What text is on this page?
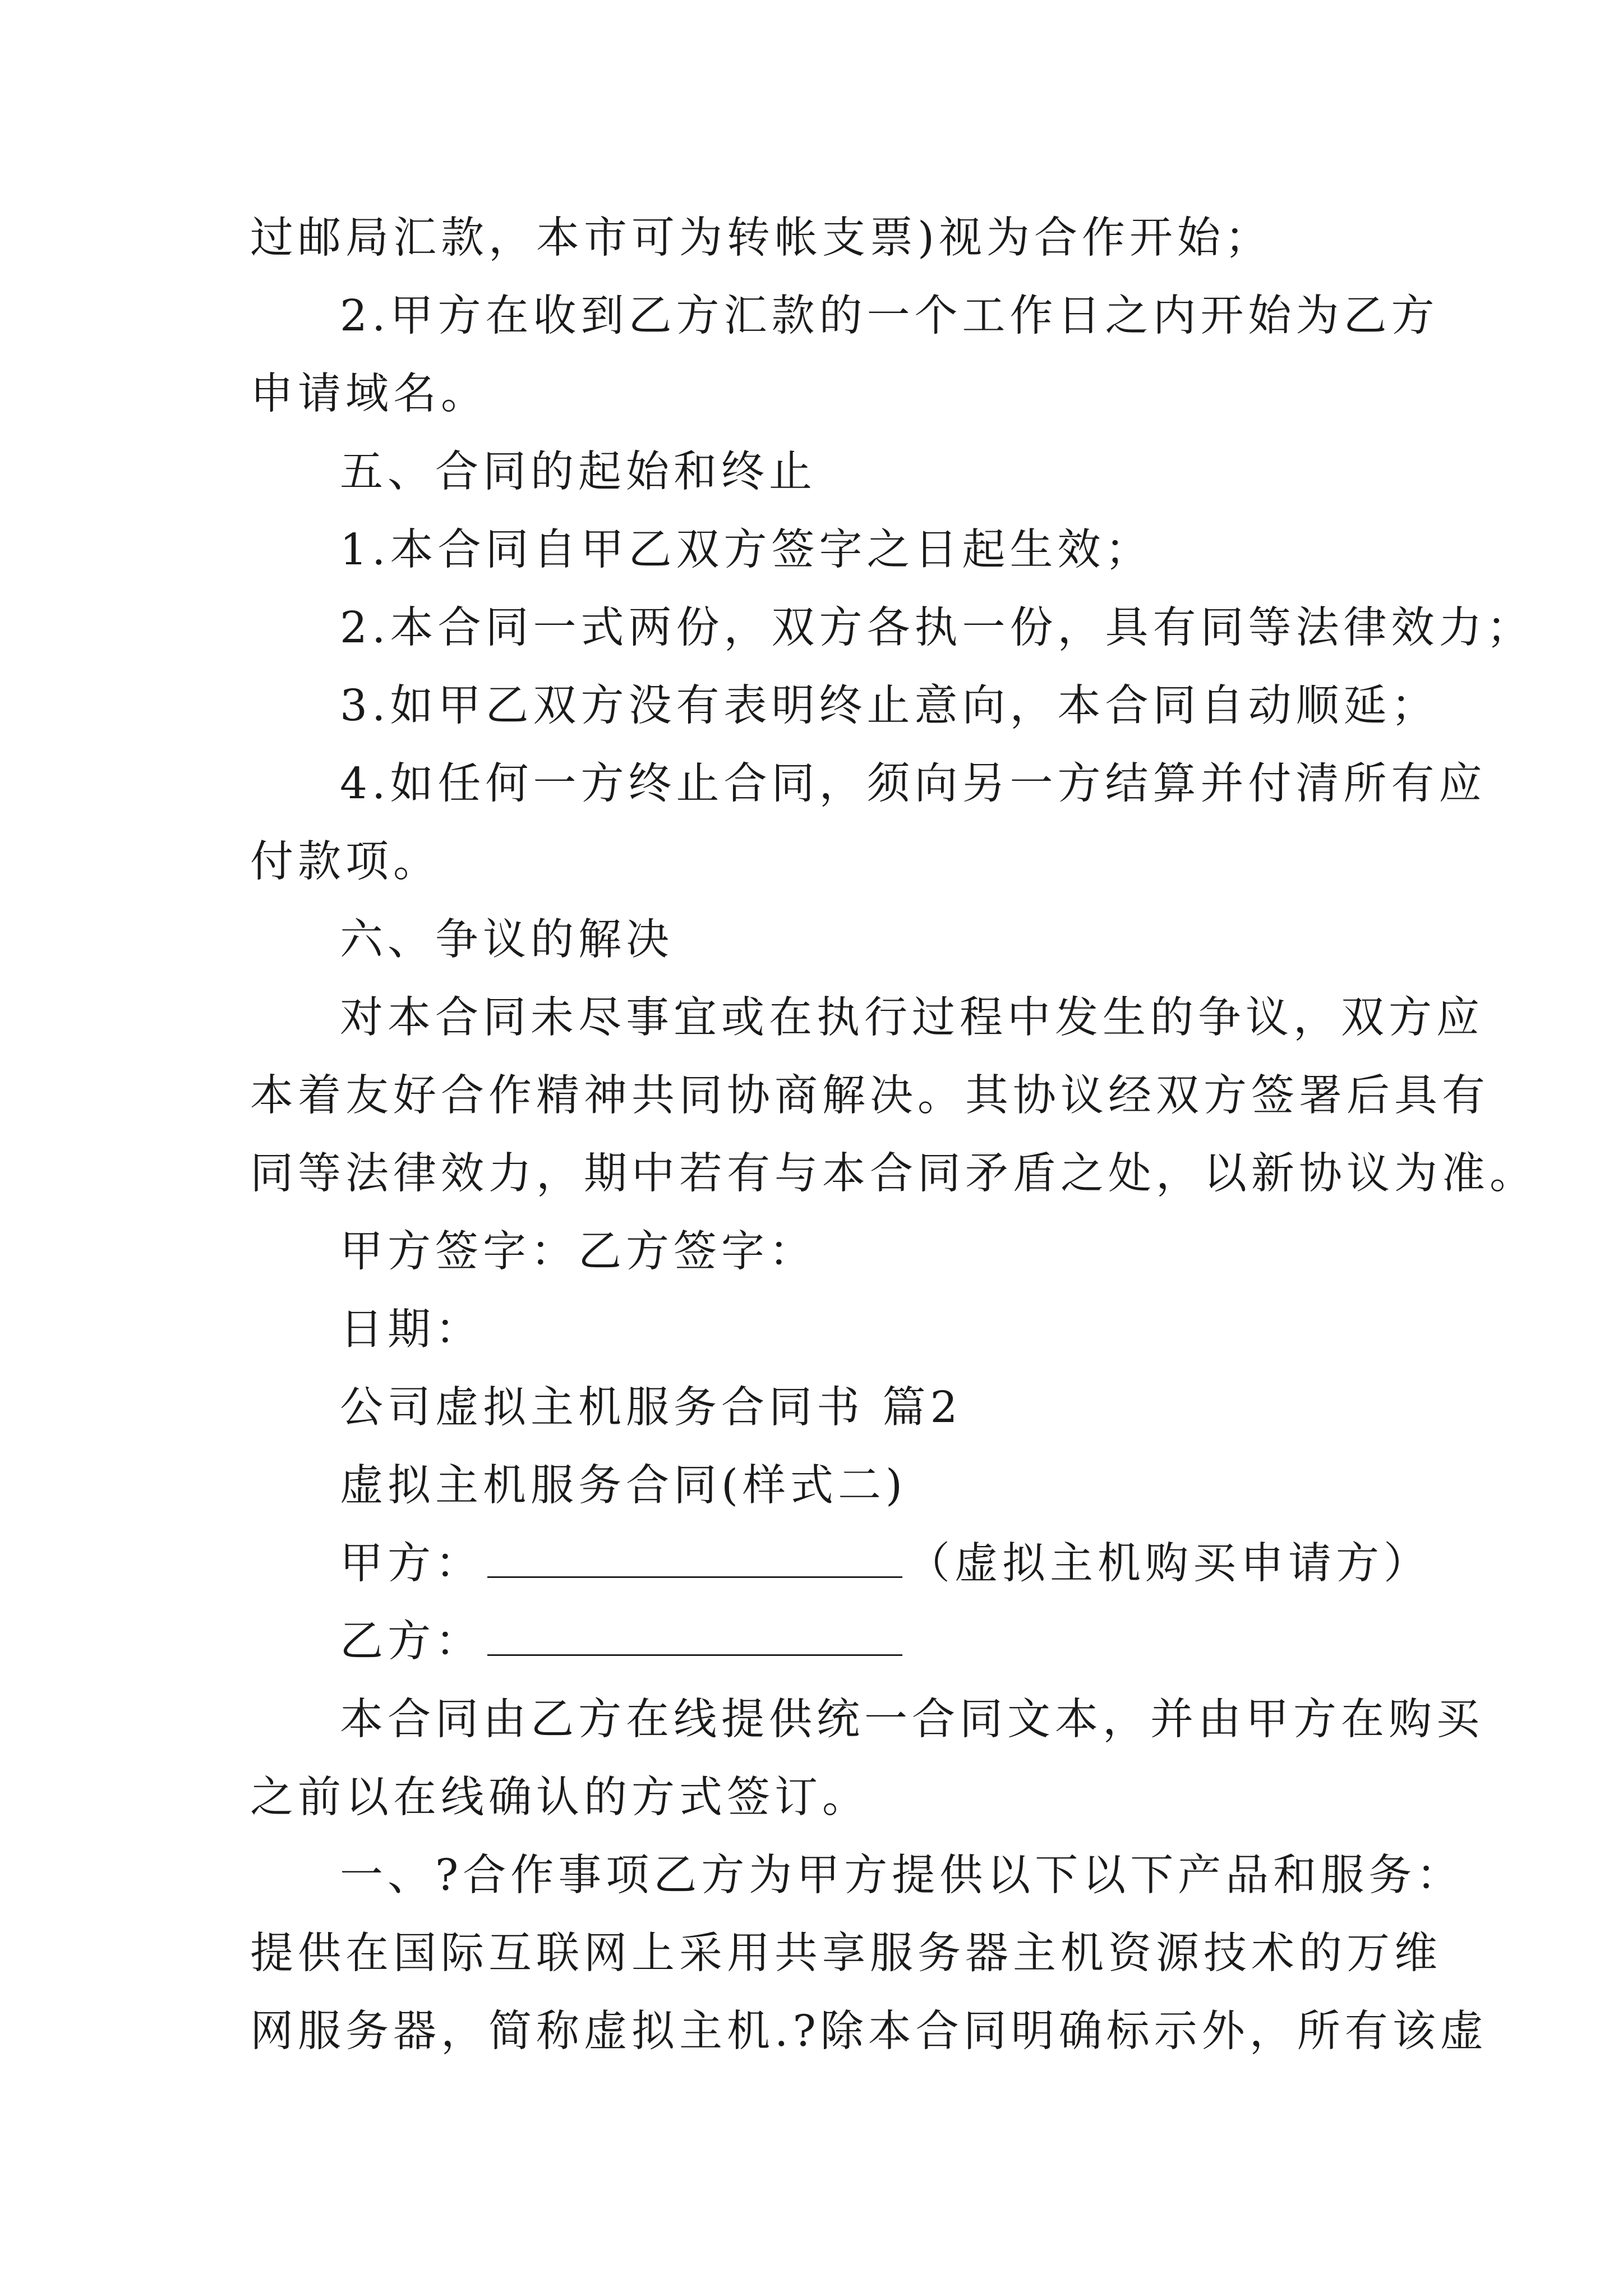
过邮局汇款，本市可为转帐支票)视为合作开始；

2.甲方在收到乙方汇款的一个工作日之内开始为乙方

申请域名。

五、合同的起始和终止

1.本合同自甲乙双方签字之日起生效；

2.本合同一式两份，双方各执一份，具有同等法律效力；

3.如甲乙双方没有表明终止意向，本合同自动顺延；

4.如任何一方终止合同，须向另一方结算并付清所有应

付款项。

六、争议的解决

对本合同未尽事宜或在执行过程中发生的争议，双方应

本着友好合作精神共同协商解决。其协议经双方签署后具有

同等法律效力，期中若有与本合同矛盾之处，以新协议为准。

甲方签字：乙方签字：

日期：

公司虚拟主机服务合同书 篇2

虚拟主机服务合同(样式二)

甲方：	（虚拟主机购买申请方）

乙方：

本合同由乙方在线提供统一合同文本，并由甲方在购买

之前以在线确认的方式签订。

一、?合作事项乙方为甲方提供以下以下产品和服务：

提供在国际互联网上采用共享服务器主机资源技术的万维

网服务器，简称虚拟主机.?除本合同明确标示外，所有该虚
